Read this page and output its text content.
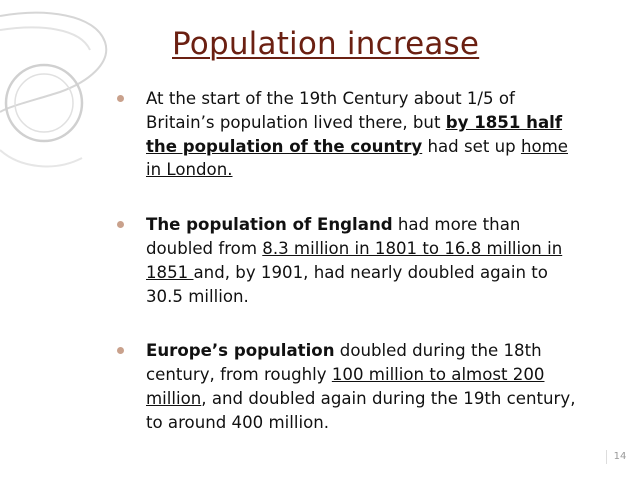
Population increase
At the start of the 19th Century about 1/5 of Britain’s population lived there, but by 1851 half the population of the country had set up home in London.
The population of England had more than doubled from 8.3 million in 1801 to 16.8 million in 1851 and, by 1901, had nearly doubled again to 30.5 million.
Europe’s population doubled during the 18th century, from roughly 100 million to almost 200 million, and doubled again during the 19th century, to around 400 million.
14
